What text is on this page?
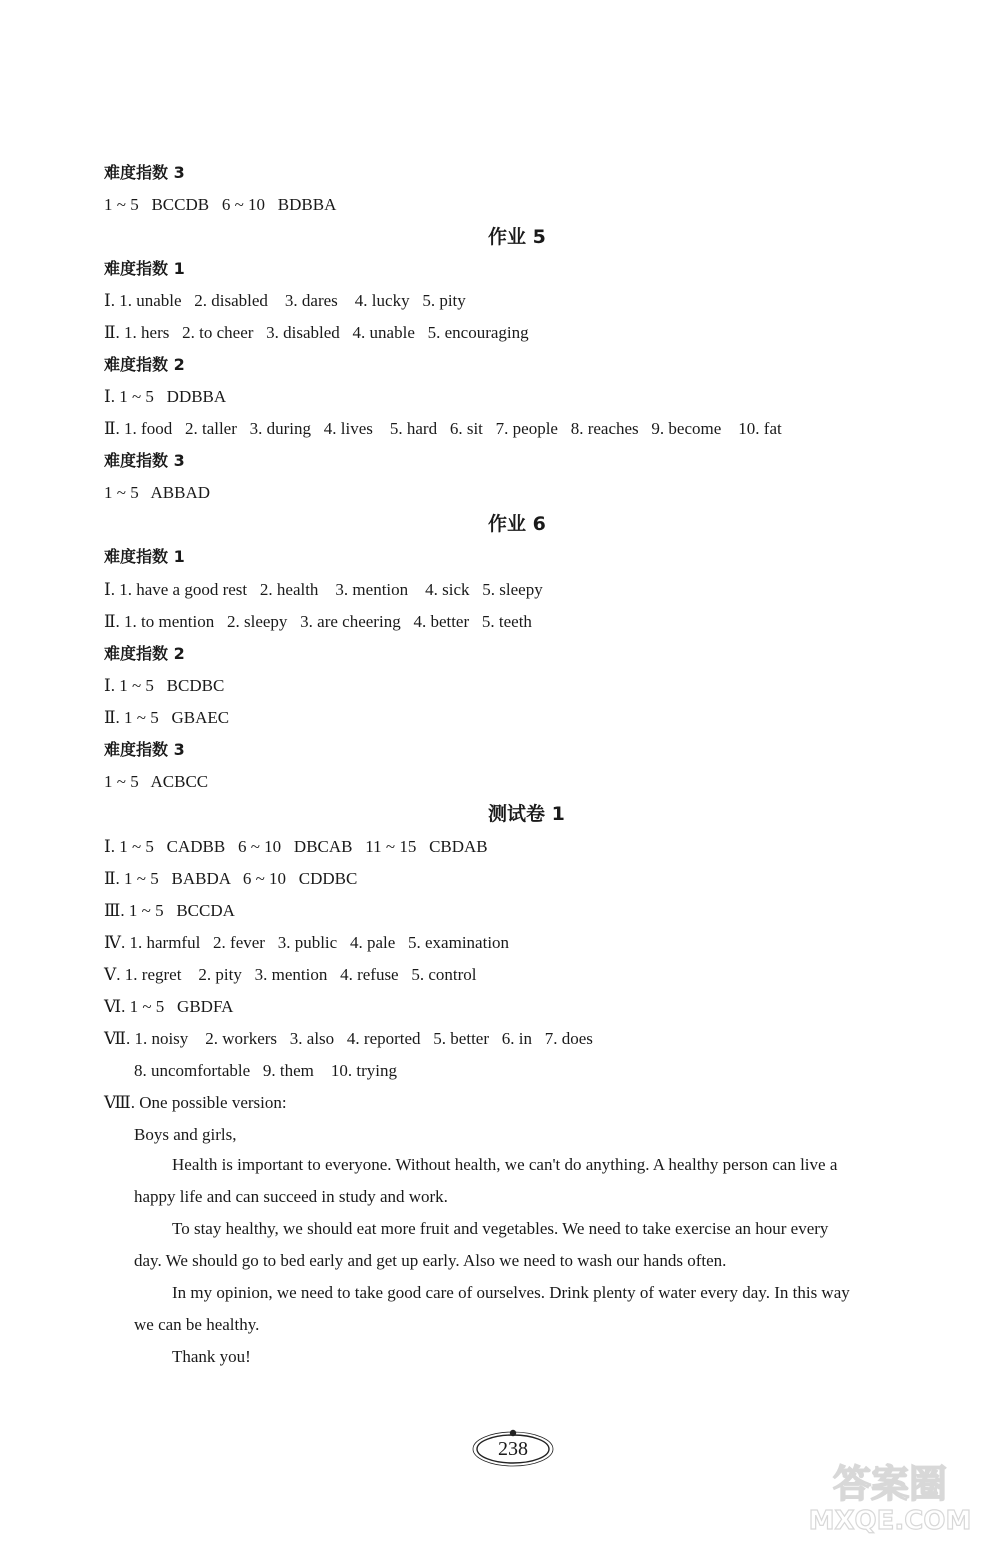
难度指数 3
1 ~ 5   BCCDB   6 ~ 10   BDBBA
作业 5
难度指数 1
Ⅰ. 1. unable   2. disabled    3. dares    4. lucky   5. pity
Ⅱ. 1. hers   2. to cheer   3. disabled   4. unable   5. encouraging
难度指数 2
Ⅰ. 1 ~ 5   DDBBA
Ⅱ. 1. food   2. taller   3. during   4. lives    5. hard   6. sit   7. people   8. reaches   9. become    10. fat
难度指数 3
1 ~ 5   ABBAD
作业 6
难度指数 1
Ⅰ. 1. have a good rest   2. health    3. mention    4. sick   5. sleepy
Ⅱ. 1. to mention   2. sleepy   3. are cheering   4. better   5. teeth
难度指数 2
Ⅰ. 1 ~ 5   BCDBC
Ⅱ. 1 ~ 5   GBAEC
难度指数 3
1 ~ 5   ACBCC
测试卷 1
Ⅰ. 1 ~ 5   CADBB   6 ~ 10   DBCAB   11 ~ 15   CBDAB
Ⅱ. 1 ~ 5   BABDA   6 ~ 10   CDDBC
Ⅲ. 1 ~ 5   BCCDA
Ⅳ. 1. harmful   2. fever   3. public   4. pale   5. examination
Ⅴ. 1. regret    2. pity   3. mention   4. refuse   5. control
Ⅵ. 1 ~ 5   GBDFA
Ⅶ. 1. noisy    2. workers   3. also   4. reported   5. better   6. in   7. does
8. uncomfortable   9. them    10. trying
Ⅷ. One possible version:
Boys and girls,
Health is important to everyone. Without health, we can't do anything. A healthy person can live a
happy life and can succeed in study and work.
To stay healthy, we should eat more fruit and vegetables. We need to take exercise an hour every
day. We should go to bed early and get up early. Also we need to wash our hands often.
In my opinion, we need to take good care of ourselves. Drink plenty of water every day. In this way
we can be healthy.
Thank you!
238
答案圈
MXQE.COM
